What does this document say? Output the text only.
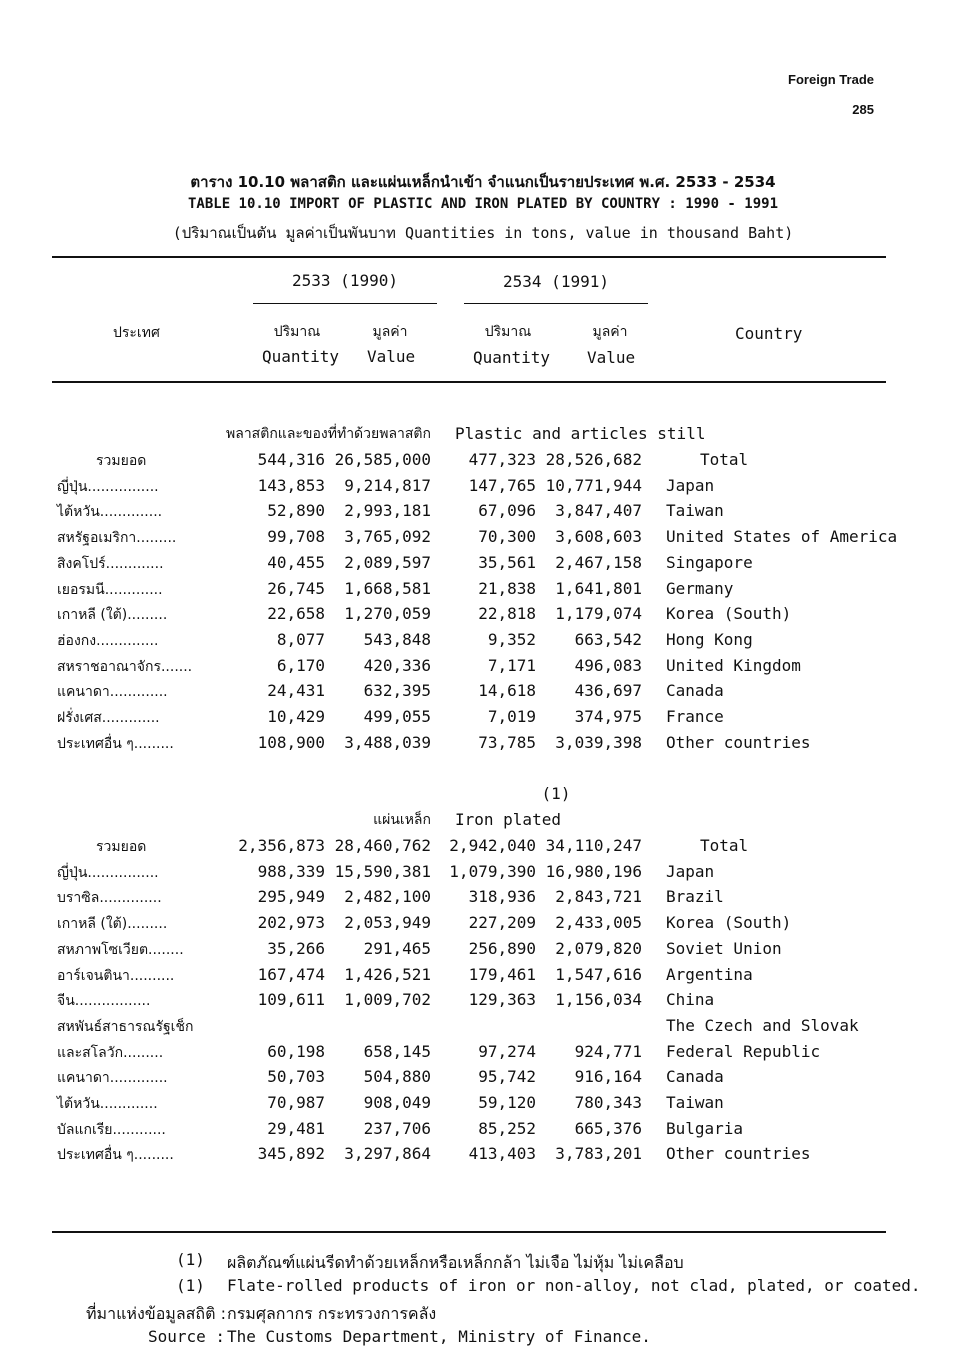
Foreign Trade
285
ตาราง 10.10 พลาสติก และแผ่นเหล็กนำเข้า จำแนกเป็นรายประเทศ พ.ศ. 2533 - 2534
TABLE 10.10 IMPORT OF PLASTIC AND IRON PLATED BY COUNTRY : 1990 - 1991
(ปริมาณเป็นตัน มูลค่าเป็นพันบาท Quantities in tons, value in thousand Baht)
2533 (1990)	2534 (1991)
ประเทศ	ปริมาณ	มูลค่า	ปริมาณ	มูลค่า
Quantity Value	Quantity Value
Country
พลาสติกและของที่ทำด้วยพลาสติก Plastic and articles still
รวมยอด	544,316 26,585,000	477,323 28,526,682	Total
ญี่ปุ่น................	143,853	9,214,817	147,765 10,771,944 Japan
ไต้หวัน..............	52,890	2,993,181	67,096	3,847,407 Taiwan
สหรัฐอเมริกา.........	99,708	3,765,092	70,300	3,608,603 United States of America
สิงคโปร์.............	40,455	2,089,597	35,561	2,467,158 Singapore
เยอรมนี.............	26,745	1,668,581	21,838	1,641,801 Germany
เกาหลี (ใต้).........	22,658	1,270,059	22,818	1,179,074 Korea (South)
ฮ่องกง..............	8,077	543,848	9,352	663,542 Hong Kong
สหราชอาณาจักร.......	6,170	420,336	7,171	496,083 United Kingdom
แคนาดา.............	24,431	632,395	14,618	436,697 Canada
ฝรั่งเศส.............	10,429	499,055	7,019	374,975 France
ประเทศอื่น ๆ.........	108,900	3,488,039	73,785	3,039,398 Other countries
(1)
แผ่นเหล็ก Iron plated
รวมยอด	2,356,873 28,460,762	2,942,040 34,110,247	Total
ญี่ปุ่น................	988,339 15,590,381	1,079,390 16,980,196 Japan
บราซิล..............	295,949	2,482,100	318,936	2,843,721 Brazil
เกาหลี (ใต้).........	202,973	2,053,949	227,209	2,433,005 Korea (South)
สหภาพโซเวียต........	35,266	291,465	256,890	2,079,820 Soviet Union
อาร์เจนตินา..........	167,474	1,426,521	179,461	1,547,616 Argentina
จีน.................	109,611	1,009,702	129,363	1,156,034 China
สหพันธ์สาธารณรัฐเช็ก	The Czech and Slovak
และสโลวัก.........	60,198	658,145	97,274	924,771 Federal Republic
แคนาดา.............	50,703	504,880	95,742	916,164 Canada
ไต้หวัน.............	70,987	908,049	59,120	780,343 Taiwan
บัลแกเรีย............	29,481	237,706	85,252	665,376 Bulgaria
ประเทศอื่น ๆ.........	345,892	3,297,864	413,403	3,783,201 Other countries
(1) ผลิตภัณฑ์แผ่นรีดทำด้วยเหล็กหรือเหล็กกล้า ไม่เจือ ไม่หุ้ม ไม่เคลือบ
(1) Flate-rolled products of iron or non-alloy, not clad, plated, or coated.
ที่มาแห่งข้อมูลสถิติ : กรมศุลกากร กระทรวงการคลัง
Source : The Customs Department, Ministry of Finance.
